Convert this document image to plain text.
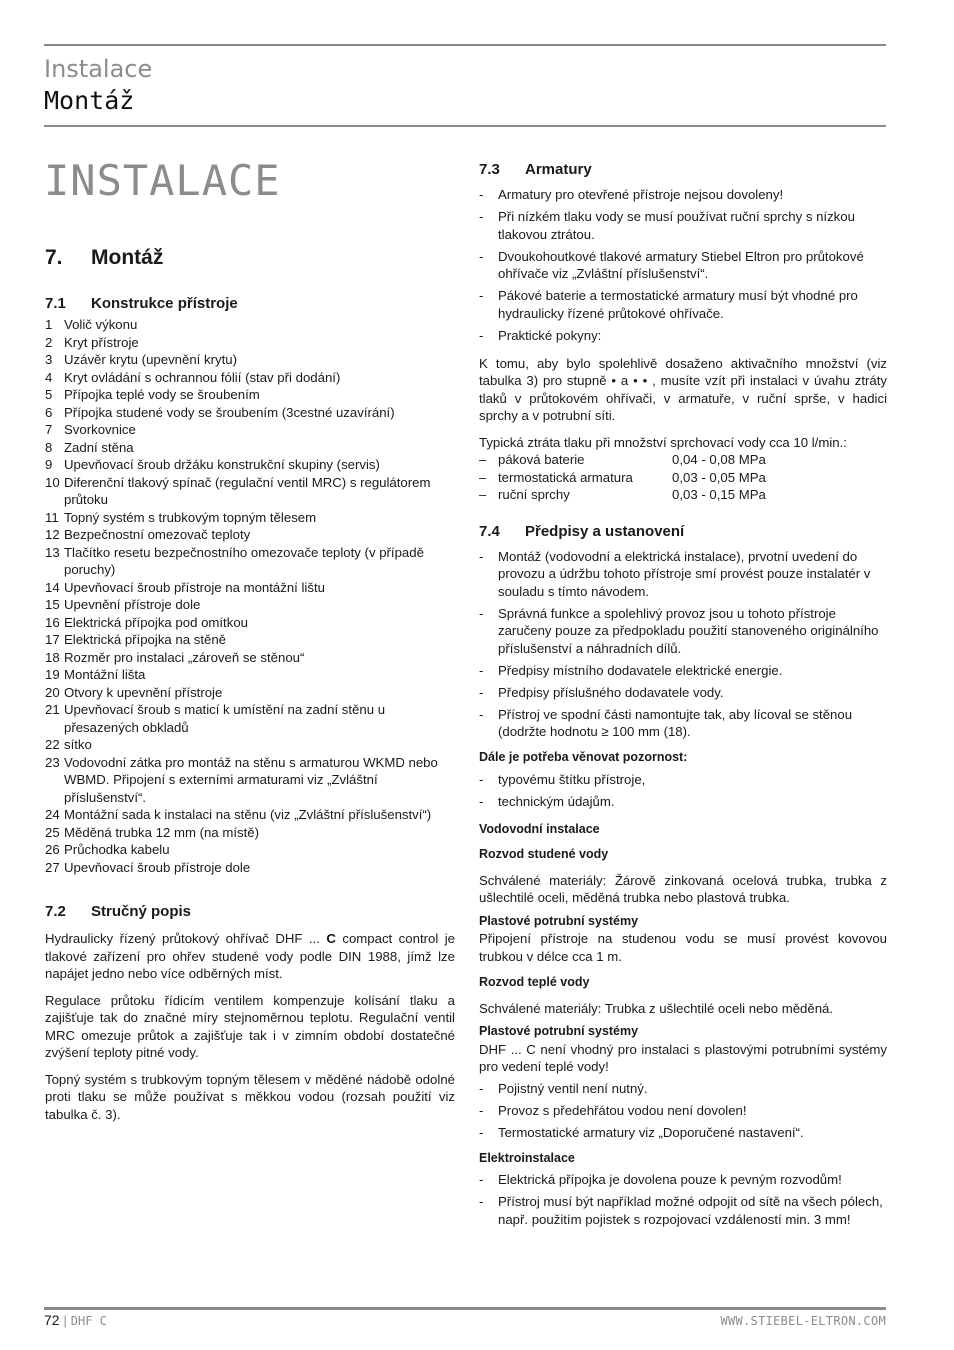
Instalace
Montáž
INSTALACE
7.	Montáž
7.1	Konstrukce přístroje
1 Volič výkonu
2 Kryt přístroje
3 Uzávěr krytu (upevnění krytu)
4 Kryt ovládání s ochrannou fólií (stav při dodání)
5 Přípojka teplé vody se šroubením
6 Přípojka studené vody se šroubením (3cestné uzavírání)
7 Svorkovnice
8 Zadní stěna
9 Upevňovací šroub držáku konstrukční skupiny (servis)
10 Diferenční tlakový spínač (regulační ventil MRC) s regulátorem průtoku
11 Topný systém s trubkovým topným tělesem
12 Bezpečnostní omezovač teploty
13 Tlačítko resetu bezpečnostního omezovače teploty (v případě poruchy)
14 Upevňovací šroub přístroje na montážní lištu
15 Upevnění přístroje dole
16 Elektrická přípojka pod omítkou
17 Elektrická přípojka na stěně
18 Rozměr pro instalaci „zároveň se stěnou“
19 Montážní lišta
20 Otvory k upevnění přístroje
21 Upevňovací šroub s maticí k umístění na zadní stěnu u přesazených obkladů
22 sítko
23 Vodovodní zátka pro montáž na stěnu s armaturou WKMD nebo WBMD. Připojení s externími armaturami viz „Zvláštní příslušenství“.
24 Montážní sada k instalaci na stěnu (viz „Zvláštní příslušenství“)
25 Měděná trubka 12 mm (na místě)
26 Průchodka kabelu
27 Upevňovací šroub přístroje dole
7.2	Stručný popis
Hydraulicky řízený průtokový ohřívač DHF ... C compact control je tlakové zařízení pro ohřev studené vody podle DIN 1988, jímž lze napájet jedno nebo více odběrných míst.
Regulace průtoku řídicím ventilem kompenzuje kolísání tlaku a zajišťuje tak do značné míry stejnoměrnou teplotu. Regulační ventil MRC omezuje průtok a zajišťuje tak i v zimním období dostatečné zvýšení teploty pitné vody.
Topný systém s trubkovým topným tělesem v měděné nádobě odolné proti tlaku se může používat s měkkou vodou (rozsah použití viz tabulka č. 3).
7.3	Armatury
-	Armatury pro otevřené přístroje nejsou dovoleny!
-	Při nízkém tlaku vody se musí používat ruční sprchy s nízkou tlakovou ztrátou.
-	Dvoukohoutkové tlakové armatury Stiebel Eltron pro průtokové ohřívače viz „Zvláštní příslušenství“.
-	Pákové baterie a termostatické armatury musí být vhodné pro hydraulicky řízené průtokové ohřívače.
-	Praktické pokyny:
K tomu, aby bylo spolehlivě dosaženo aktivačního množství (viz tabulka 3) pro stupně • a • • , musíte vzít při instalaci v úvahu ztráty tlaků v průtokovém ohřívači, v armatuře, v ruční sprše, v hadici sprchy a v potrubní síti.
Typická ztráta tlaku při množství sprchovací vody cca 10 l/min.:
– páková baterie	0,04 - 0,08 MPa
– termostatická armatura	0,03 - 0,05 MPa
– ruční sprchy	0,03 - 0,15 MPa
7.4	Předpisy a ustanovení
-	Montáž (vodovodní a elektrická instalace), prvotní uvedení do provozu a údržbu tohoto přístroje smí provést pouze instalatér v souladu s tímto návodem.
-	Správná funkce a spolehlivý provoz jsou u tohoto přístroje zaručeny pouze za předpokladu použití stanoveného originálního příslušenství a náhradních dílů.
-	Předpisy místního dodavatele elektrické energie.
-	Předpisy příslušného dodavatele vody.
-	Přístroj ve spodní části namontujte tak, aby lícoval se stěnou (dodržte hodnotu ≥ 100 mm (18).
Dále je potřeba věnovat pozornost:
-	typovému štítku přístroje,
-	technickým údajům.
Vodovodní instalace
Rozvod studené vody
Schválené materiály: Žárově zinkovaná ocelová trubka, trubka z ušlechtilé oceli, měděná trubka nebo plastová trubka.
Plastové potrubní systémy
Připojení přístroje na studenou vodu se musí provést kovovou trubkou v délce cca 1 m.
Rozvod teplé vody
Schválené materiály: Trubka z ušlechtilé oceli nebo měděná.
Plastové potrubní systémy
DHF ... C není vhodný pro instalaci s plastovými potrubními systémy pro vedení teplé vody!
-	Pojistný ventil není nutný.
-	Provoz s předehřátou vodou není dovolen!
-	Termostatické armatury viz „Doporučené nastavení“.
Elektroinstalace
-	Elektrická přípojka je dovolena pouze k pevným rozvodům!
-	Přístroj musí být například možné odpojit od sítě na všech pólech, např. použitím pojistek s rozpojovací vzdáleností min. 3 mm!
72 | DHF C	WWW.STIEBEL-ELTRON.COM
